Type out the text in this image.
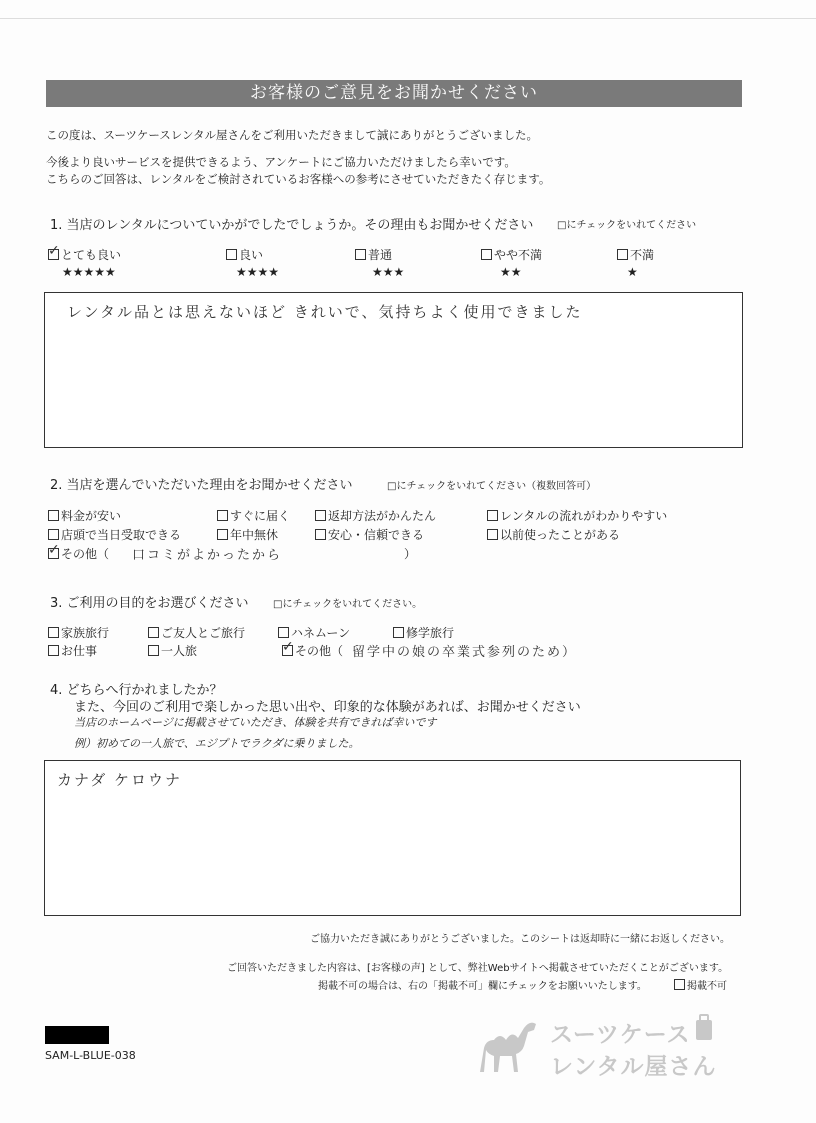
お客様のご意見をお聞かせください
この度は、スーツケースレンタル屋さんをご利用いただきまして誠にありがとうございました。
今後より良いサービスを提供できるよう、アンケートにご協力いただけましたら幸いです。
こちらのご回答は、レンタルをご検討されているお客様への参考にさせていただきたく存じます。
1. 当店のレンタルについていかがでしたでしょうか。その理由もお聞かせください □にチェックをいれてください
✓ とても良い
★★★★★
良い
★★★★
普通
★★★
やや不満
★★
不満
★
レンタル品とは思えないほど きれいで、気持ちよく使用できました
2. 当店を選んでいただいた理由をお聞かせください	□にチェックをいれてください（複数回答可）
料金が安い	すぐに届く	返却方法がかんたん	レンタルの流れがわかりやすい
店頭で当日受取できる	年中無休	安心・信頼できる	以前使ったことがある
✓ その他（ 口コミがよかったから	）
3. ご利用の目的をお選びください □にチェックをいれてください。
家族旅行	ご友人とご旅行	ハネムーン	修学旅行
お仕事	一人旅	✓ その他（ 留学中の娘の卒業式参列のため）
4. どちらへ行かれましたか？
また、今回のご利用で楽しかった思い出や、印象的な体験があれば、お聞かせください
当店のホームページに掲載させていただき、体験を共有できれば幸いです
例）初めての一人旅で、エジプトでラクダに乗りました。
カナダ ケロウナ
ご協力いただき誠にありがとうございました。このシートは返却時に一緒にお返しください。
ご回答いただきました内容は、[お客様の声] として、弊社Webサイトへ掲載させていただくことがございます。
掲載不可の場合は、右の「掲載不可」欄にチェックをお願いいたします。	掲載不可
SAM-L-BLUE-038
スーツケース
レンタル屋さん
